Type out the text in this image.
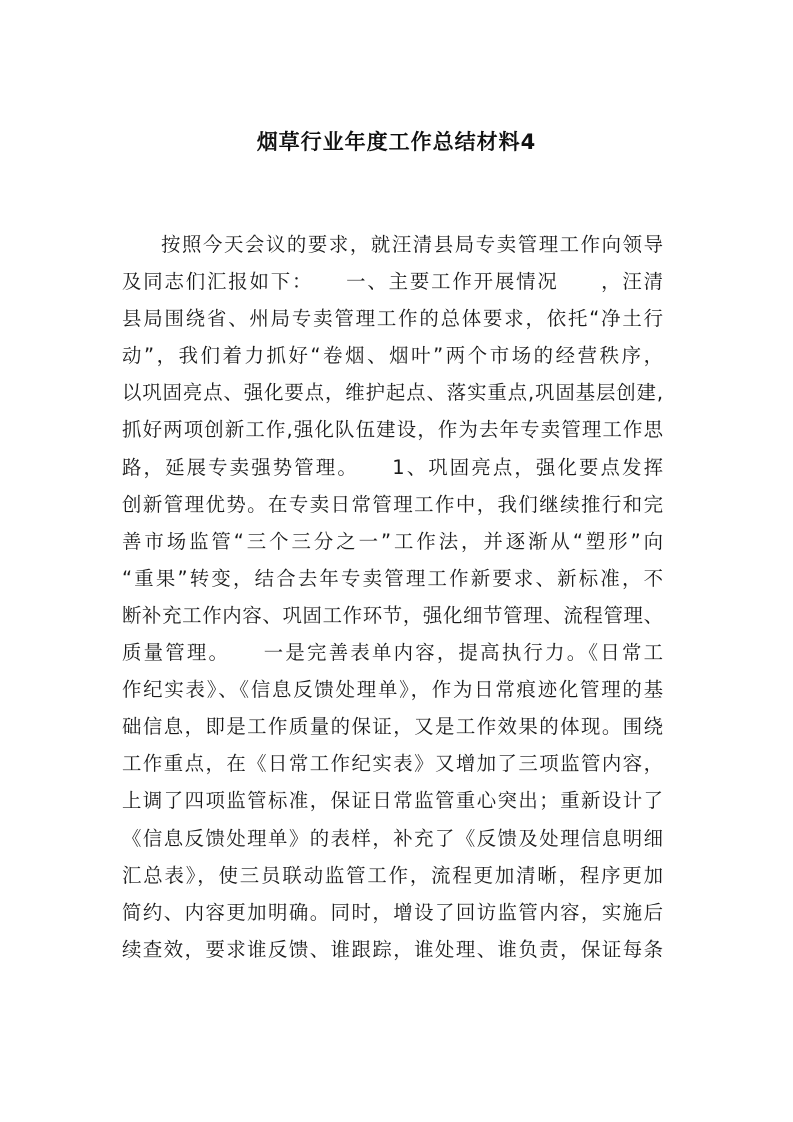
烟草行业年度工作总结材料4
按照今天会议的要求，就汪清县局专卖管理工作向领导
及同志们汇报如下：　　一、主要工作开展情况　　，汪清
县局围绕省、州局专卖管理工作的总体要求，依托“净土行
动”，我们着力抓好“卷烟、烟叶”两个市场的经营秩序，
以巩固亮点、强化要点，维护起点、落实重点,巩固基层创建,
抓好两项创新工作,强化队伍建设，作为去年专卖管理工作思
路，延展专卖强势管理。　　1、巩固亮点，强化要点发挥
创新管理优势。在专卖日常管理工作中，我们继续推行和完
善市场监管“三个三分之一”工作法，并逐渐从“塑形”向
“重果”转变，结合去年专卖管理工作新要求、新标准，不
断补充工作内容、巩固工作环节，强化细节管理、流程管理、
质量管理。　　一是完善表单内容，提高执行力。《日常工
作纪实表》、《信息反馈处理单》，作为日常痕迹化管理的基
础信息，即是工作质量的保证，又是工作效果的体现。围绕
工作重点，在《日常工作纪实表》又增加了三项监管内容，
上调了四项监管标准，保证日常监管重心突出；重新设计了
《信息反馈处理单》的表样，补充了《反馈及处理信息明细
汇总表》，使三员联动监管工作，流程更加清晰，程序更加
简约、内容更加明确。同时，增设了回访监管内容，实施后
续查效，要求谁反馈、谁跟踪，谁处理、谁负责，保证每条
